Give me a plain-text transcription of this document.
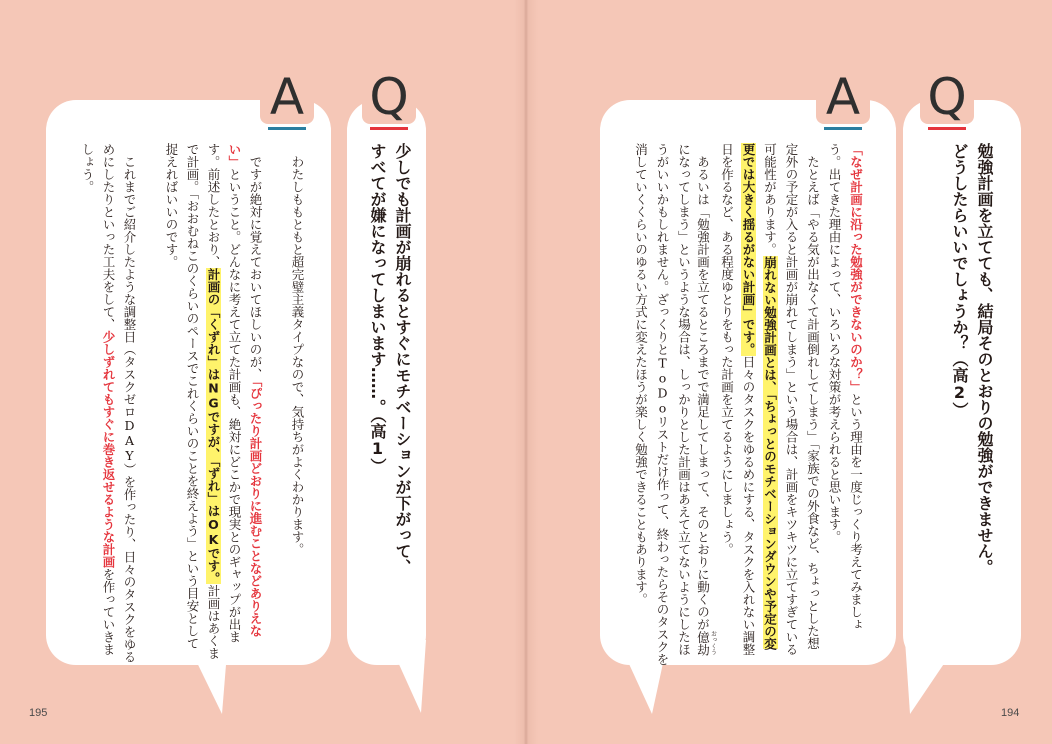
A Q	A Q
　わたしももともと超完璧主義タイプなので、気持ちがよくわかります。
　ですが絶対に覚えておいてほしいのが、「ぴったり計画どおりに進むことなどありえな
い」ということ。どんなに考えて立てた計画も、絶対にどこかで現実とのギャップが出ま
す。前述したとおり、計画の「くずれ」はNGですが、「ずれ」はOKです。計画はあくま
で計画。「おおむねこのくらいのペースでこれくらいのことを終えよう」という目安として
捉えればいいのです。
　これまでご紹介したような調整日（タスクゼロDAY）を作ったり、日々のタスクをゆる
めにしたりといった工夫をして、少しずれてもすぐに巻き返せるような計画を作っていきま
しょう。	少しでも計画が崩れるとすぐにモチベーションが下がって、
すべてが嫌になってしまいます……。（高1）
「なぜ計画に沿った勉強ができないのか？」という理由を一度じっくり考えてみましょ
う。出てきた理由によって、いろいろな対策が考えられると思います。
　たとえば「やる気が出なくて計画倒れしてしまう」「家族での外食など、ちょっとした想
定外の予定が入ると計画が崩れてしまう」という場合は、計画をキツキツに立てすぎている
可能性があります。崩れない勉強計画とは、「ちょっとのモチベーションダウンや予定の変
更では大きく揺るがない計画」です。日々のタスクをゆるめにする、タスクを入れない調整
日を作るなど、ある程度ゆとりをもった計画を立てるようにしましょう。
　あるいは「勉強計画を立てるところまでで満足してしまって、そのとおりに動くのが億劫 おっくう
になってしまう」というような場合は、しっかりとした計画はあえて立てないようにしたほ
うがいいかもしれません。ざっくりとToDoリストだけ作って、終わったらそのタスクを
消していくくらいのゆるい方式に変えたほうが楽しく勉強できることもあります。	勉強計画を立てても、結局そのとおりの勉強ができません。
どうしたらいいでしょうか？（高2）
195	194
